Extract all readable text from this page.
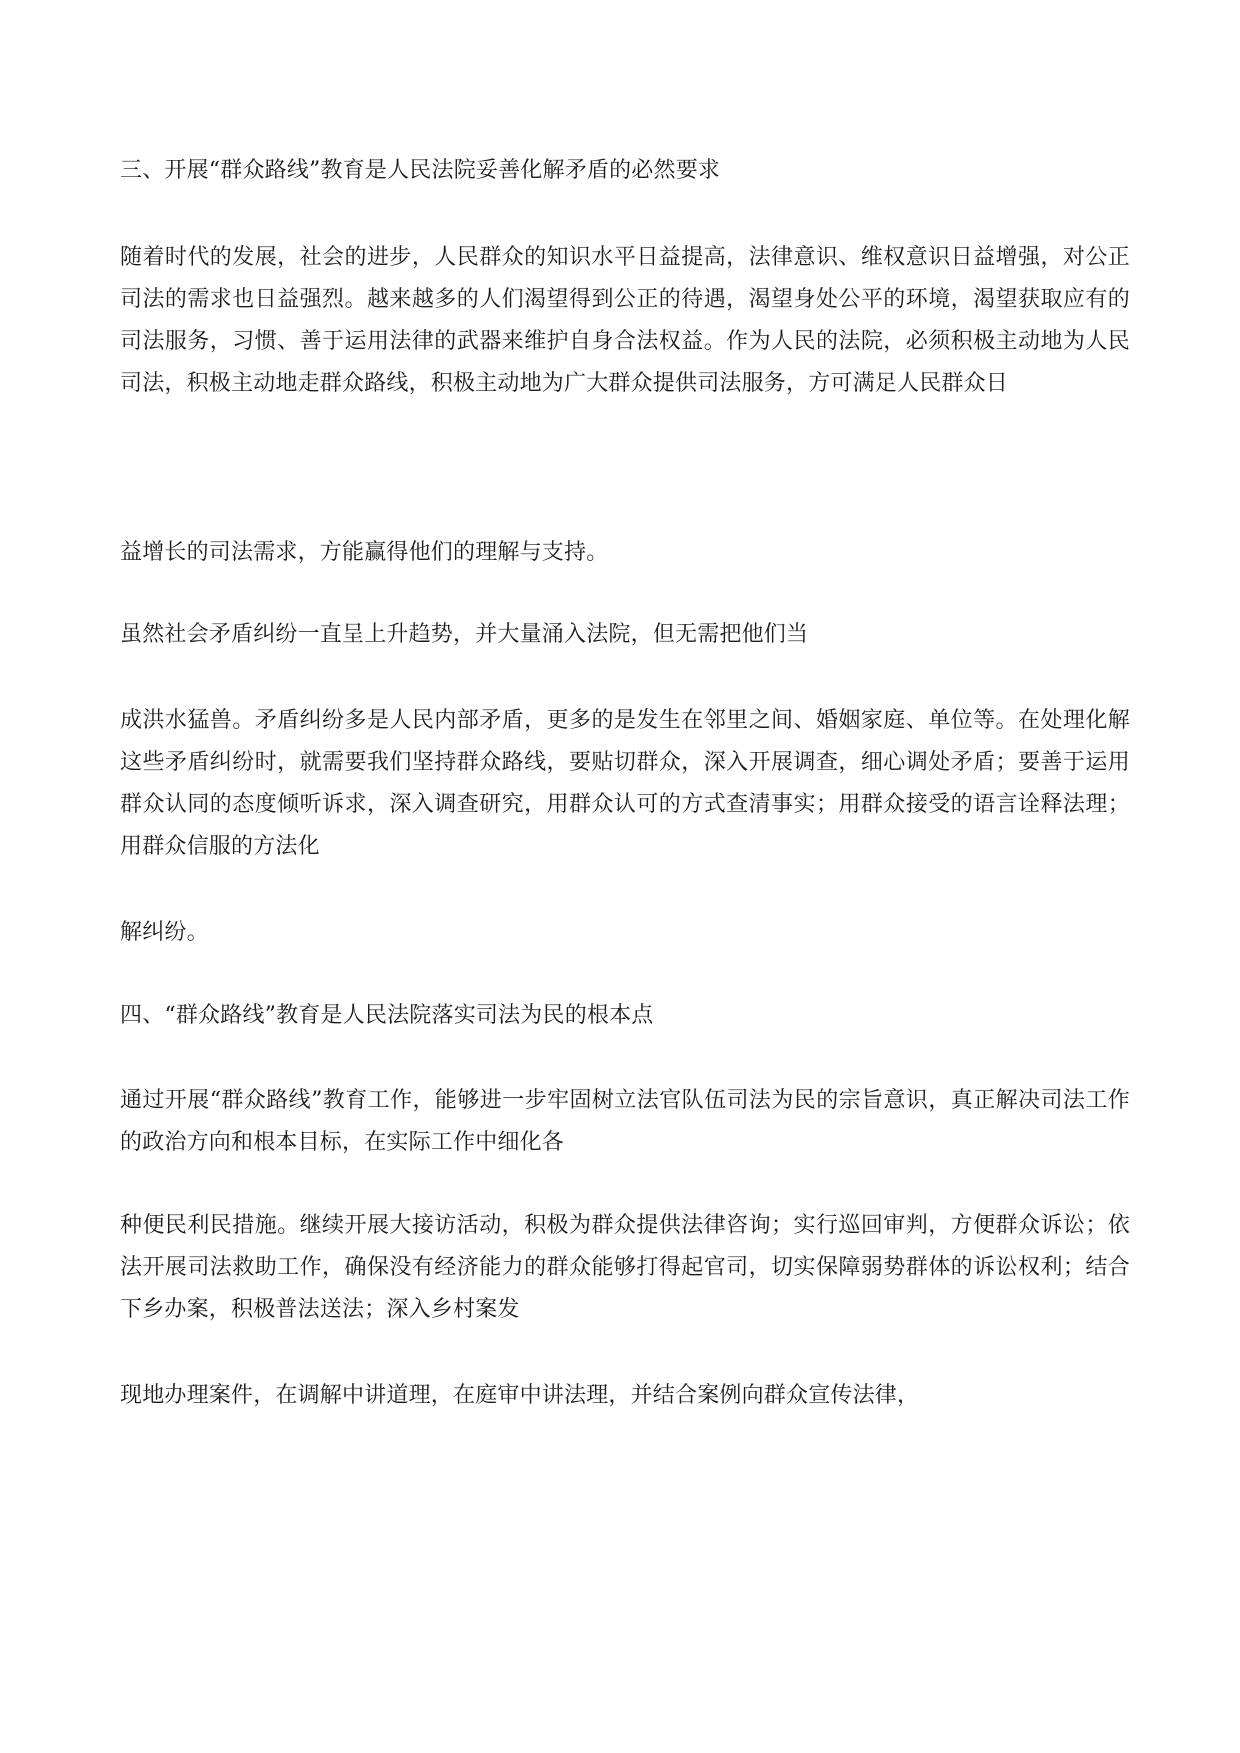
三、开展“群众路线”教育是人民法院妥善化解矛盾的必然要求

随着时代的发展，社会的进步，人民群众的知识水平日益提高，法律意识、维权意识日益增强，对公正司法的需求也日益强烈。越来越多的人们渴望得到公正的待遇，渴望身处公平的环境，渴望获取应有的司法服务，习惯、善于运用法律的武器来维护自身合法权益。作为人民的法院，必须积极主动地为人民司法，积极主动地走群众路线，积极主动地为广大群众提供司法服务，方可满足人民群众日

益增长的司法需求，方能赢得他们的理解与支持。

虽然社会矛盾纠纷一直呈上升趋势，并大量涌入法院，但无需把他们当

成洪水猛兽。矛盾纠纷多是人民内部矛盾，更多的是发生在邻里之间、婚姻家庭、单位等。在处理化解这些矛盾纠纷时，就需要我们坚持群众路线，要贴切群众，深入开展调查，细心调处矛盾；要善于运用群众认同的态度倾听诉求，深入调查研究，用群众认可的方式查清事实；用群众接受的语言诠释法理；用群众信服的方法化

解纠纷。

四、“群众路线”教育是人民法院落实司法为民的根本点

通过开展“群众路线”教育工作，能够进一步牢固树立法官队伍司法为民的宗旨意识，真正解决司法工作的政治方向和根本目标，在实际工作中细化各

种便民利民措施。继续开展大接访活动，积极为群众提供法律咨询；实行巡回审判，方便群众诉讼；依法开展司法救助工作，确保没有经济能力的群众能够打得起官司，切实保障弱势群体的诉讼权利；结合下乡办案，积极普法送法；深入乡村案发

现地办理案件，在调解中讲道理，在庭审中讲法理，并结合案例向群众宣传法律，
